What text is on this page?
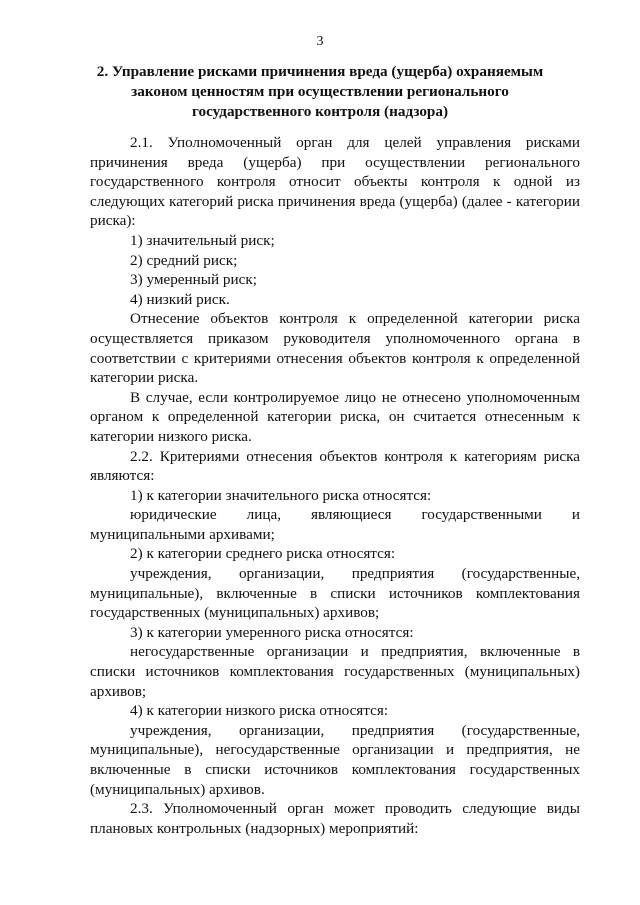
3
2. Управление рисками причинения вреда (ущерба) охраняемым законом ценностям при осуществлении регионального государственного контроля (надзора)

2.1. Уполномоченный орган для целей управления рисками причинения вреда (ущерба) при осуществлении регионального государственного контроля относит объекты контроля к одной из следующих категорий риска причинения вреда (ущерба) (далее - категории риска):

1) значительный риск;
2) средний риск;
3) умеренный риск;
4) низкий риск.

Отнесение объектов контроля к определенной категории риска осуществляется приказом руководителя уполномоченного органа в соответствии с критериями отнесения объектов контроля к определенной категории риска.

В случае, если контролируемое лицо не отнесено уполномоченным органом к определенной категории риска, он считается отнесенным к категории низкого риска.

2.2. Критериями отнесения объектов контроля к категориям риска являются:

1) к категории значительного риска относятся:

юридические лица, являющиеся государственными и муниципальными архивами;

2) к категории среднего риска относятся:

учреждения, организации, предприятия (государственные, муниципальные), включенные в списки источников комплектования государственных (муниципальных) архивов;

3) к категории умеренного риска относятся:

негосударственные организации и предприятия, включенные в списки источников комплектования государственных (муниципальных) архивов;

4) к категории низкого риска относятся:

учреждения, организации, предприятия (государственные, муниципальные), негосударственные организации и предприятия, не включенные в списки источников комплектования государственных (муниципальных) архивов.

2.3. Уполномоченный орган может проводить следующие виды плановых контрольных (надзорных) мероприятий:
